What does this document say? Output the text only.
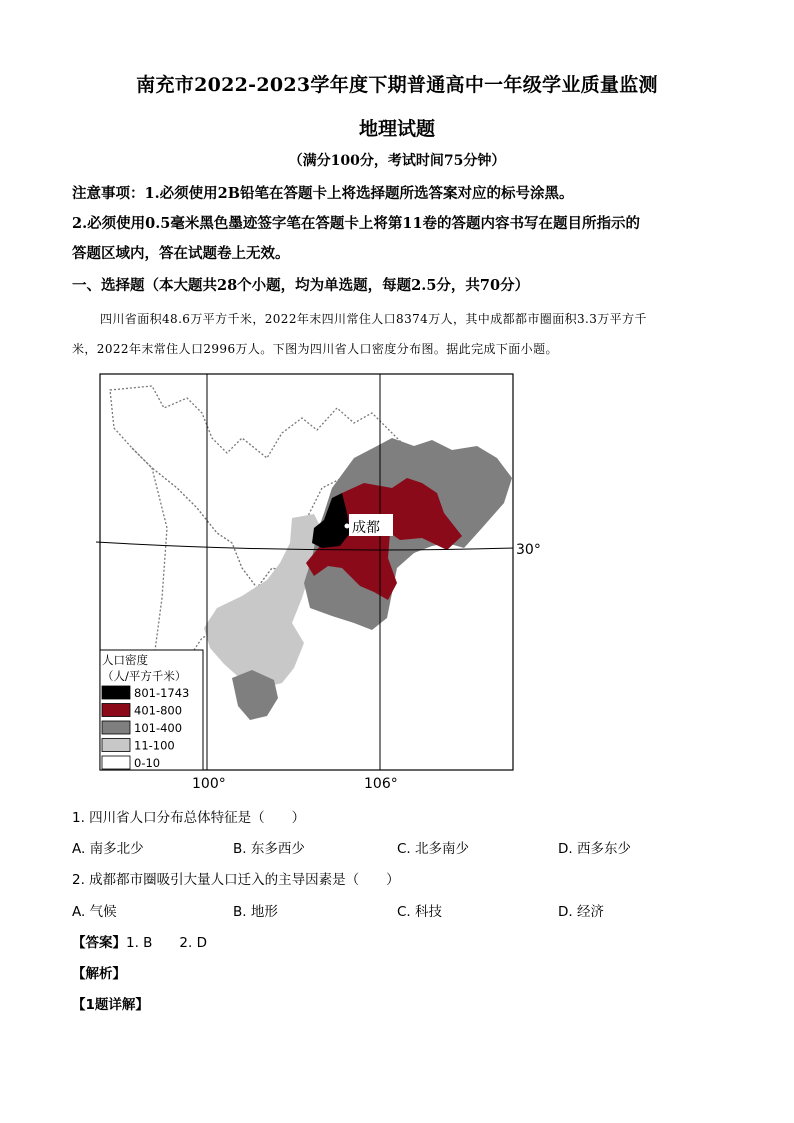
南充市2022-2023学年度下期普通高中一年级学业质量监测
地理试题
（满分100分，考试时间75分钟）
注意事项：1.必须使用2B铅笔在答题卡上将选择题所选答案对应的标号涂黑。
2.必须使用0.5毫米黑色墨迹签字笔在答题卡上将第11卷的答题内容书写在题目所指示的
答题区域内，答在试题卷上无效。
一、选择题（本大题共28个小题，均为单选题，每题2.5分，共70分）
四川省面积48.6万平方千米，2022年末四川常住人口8374万人，其中成都都市圈面积3.3万平方千
米，2022年末常住人口2996万人。下图为四川省人口密度分布图。据此完成下面小题。
成都
30°
100°	106°
人口密度
（人/平方千米）
801-1743
401-800
101-400
11-100
0-10
1. 四川省人口分布总体特征是（　　）
A. 南多北少	B. 东多西少	C. 北多南少	D. 西多东少
2. 成都都市圈吸引大量人口迁入的主导因素是（　　）
A. 气候	B. 地形	C. 科技	D. 经济
【答案】1. B　　2. D
【解析】
【1题详解】
